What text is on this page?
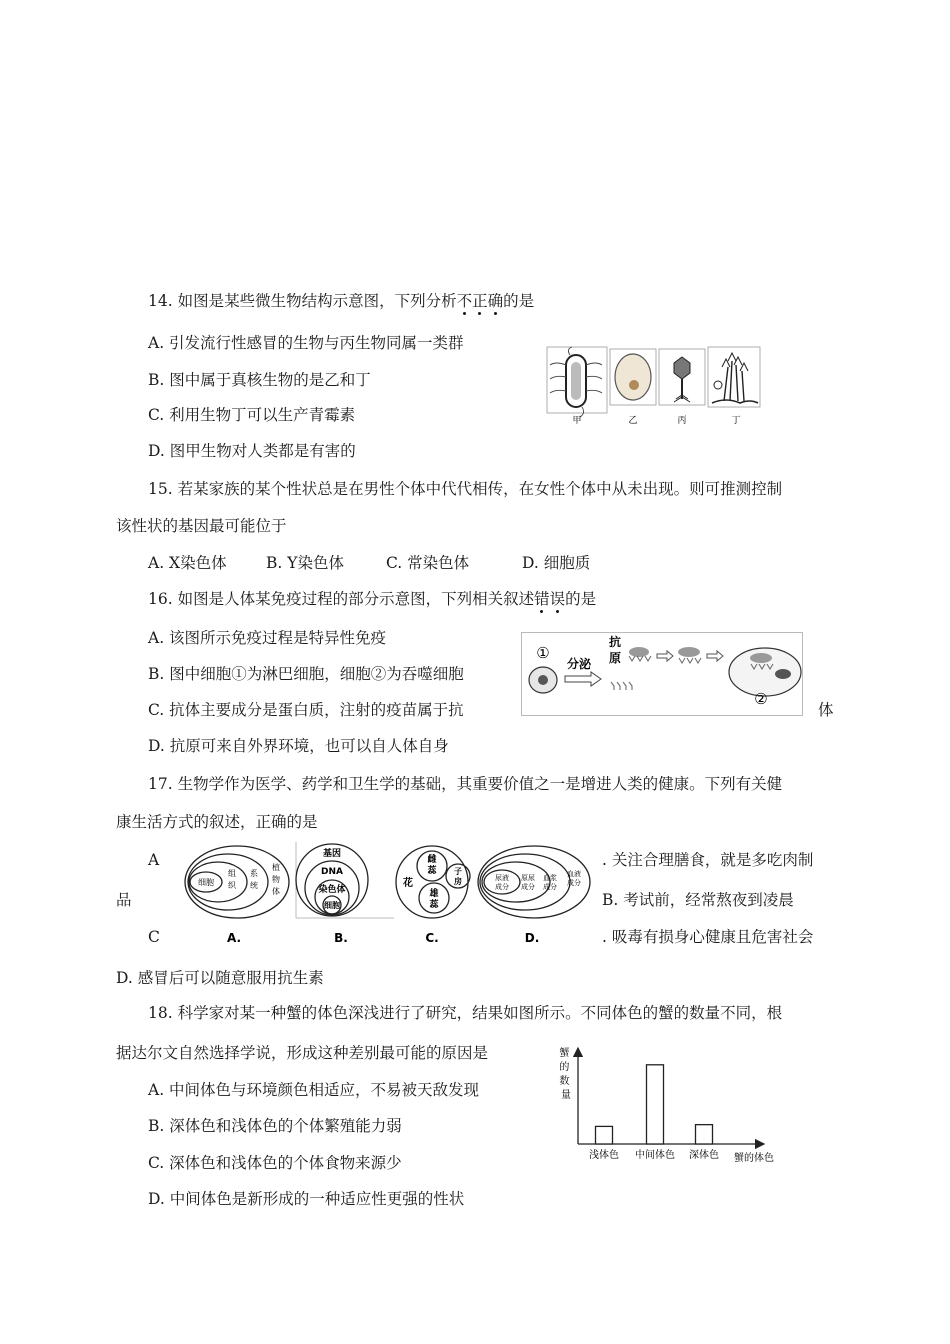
14. 如图是某些微生物结构示意图，下列分析不正确的是
A. 引发流行性感冒的生物与丙生物同属一类群
B. 图中属于真核生物的是乙和丁
C. 利用生物丁可以生产青霉素
D. 图甲生物对人类都是有害的
甲	乙	丙	丁
15. 若某家族的某个性状总是在男性个体中代代相传，在女性个体中从未出现。则可推测控制
该性状的基因最可能位于
A. X染色体	B. Y染色体	C. 常染色体	D. 细胞质
16. 如图是人体某免疫过程的部分示意图，下列相关叙述错误的是
A. 该图所示免疫过程是特异性免疫
B. 图中细胞①为淋巴细胞，细胞②为吞噬细胞
C. 抗体主要成分是蛋白质，注射的疫苗属于抗	体
D. 抗原可来自外界环境，也可以自人体自身
①
分泌
抗 原
②
17. 生物学作为医学、药学和卫生学的基础，其重要价值之一是增进人类的健康。下列有关健
康生活方式的叙述，正确的是
A	. 关注合理膳食，就是多吃肉制
品	B. 考试前，经常熬夜到凌晨
C	. 吸毒有损身心健康且危害社会
D. 感冒后可以随意服用抗生素
细胞
组织
系统
植物体
A.
基因
DNA
染色体
细胞
B.
花
雌蕊 子房
雄蕊
C.
尿液成分
原尿成分
血浆成分
血液成分
D.
18. 科学家对某一种蟹的体色深浅进行了研究，结果如图所示。不同体色的蟹的数量不同，根
据达尔文自然选择学说，形成这种差别最可能的原因是
A. 中间体色与环境颜色相适应，不易被天敌发现
B. 深体色和浅体色的个体繁殖能力弱
C. 深体色和浅体色的个体食物来源少
D. 中间体色是新形成的一种适应性更强的性状
蟹 的 数 量
蟹的体色
浅体色 中间体色 深体色
